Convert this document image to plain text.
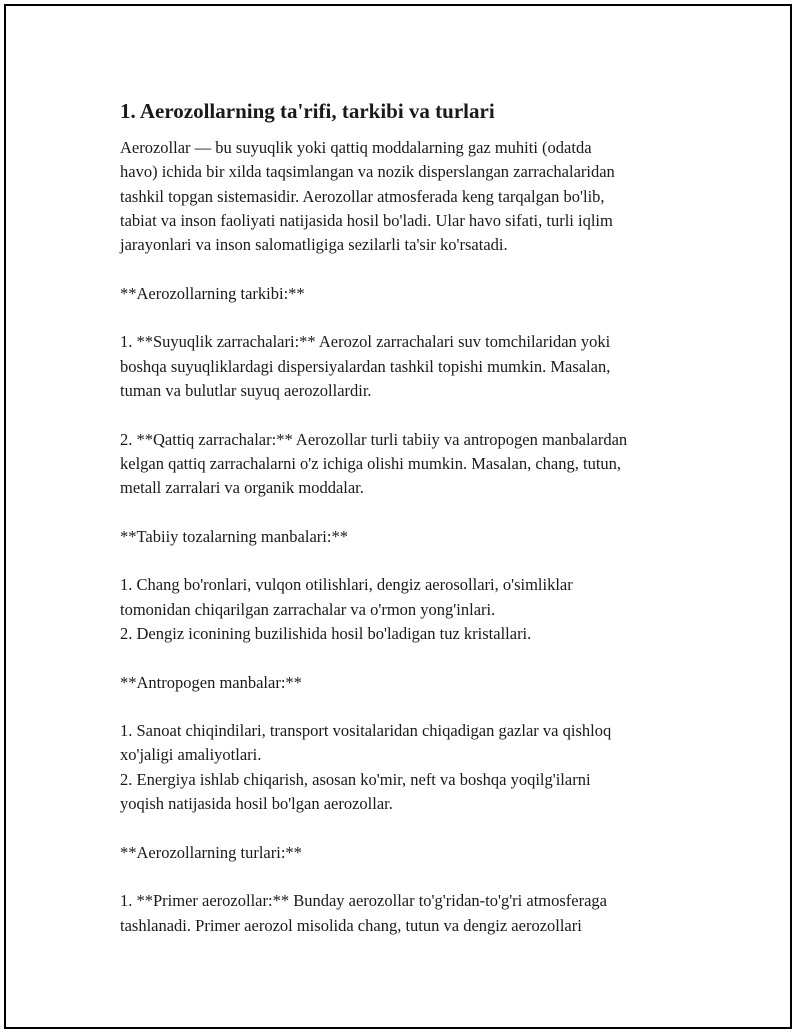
1. Aerozollarning ta'rifi, tarkibi va turlari

Aerozollar — bu suyuqlik yoki qattiq moddalarning gaz muhiti (odatda
havo) ichida bir xilda taqsimlangan va nozik disperslangan zarrachalaridan
tashkil topgan sistemasidir. Aerozollar atmosferada keng tarqalgan bo'lib,
tabiat va inson faoliyati natijasida hosil bo'ladi. Ular havo sifati, turli iqlim
jarayonlari va inson salomatligiga sezilarli ta'sir ko'rsatadi.

**Aerozollarning tarkibi:**

1. **Suyuqlik zarrachalari:** Aerozol zarrachalari suv tomchilaridan yoki
boshqa suyuqliklardagi dispersiyalardan tashkil topishi mumkin. Masalan,
tuman va bulutlar suyuq aerozollardir.

2. **Qattiq zarrachalar:** Aerozollar turli tabiiy va antropogen manbalardan
kelgan qattiq zarrachalarni o'z ichiga olishi mumkin. Masalan, chang, tutun,
metall zarralari va organik moddalar.

**Tabiiy tozalarning manbalari:**

1. Chang bo'ronlari, vulqon otilishlari, dengiz aerosollari, o'simliklar
tomonidan chiqarilgan zarrachalar va o'rmon yong'inlari.
2. Dengiz iconining buzilishida hosil bo'ladigan tuz kristallari.

**Antropogen manbalar:**

1. Sanoat chiqindilari, transport vositalaridan chiqadigan gazlar va qishloq
xo'jaligi amaliyotlari.
2. Energiya ishlab chiqarish, asosan ko'mir, neft va boshqa yoqilg'ilarni
yoqish natijasida hosil bo'lgan aerozollar.

**Aerozollarning turlari:**

1. **Primer aerozollar:** Bunday aerozollar to'g'ridan-to'g'ri atmosferaga
tashlanadi. Primer aerozol misolida chang, tutun va dengiz aerozollari
